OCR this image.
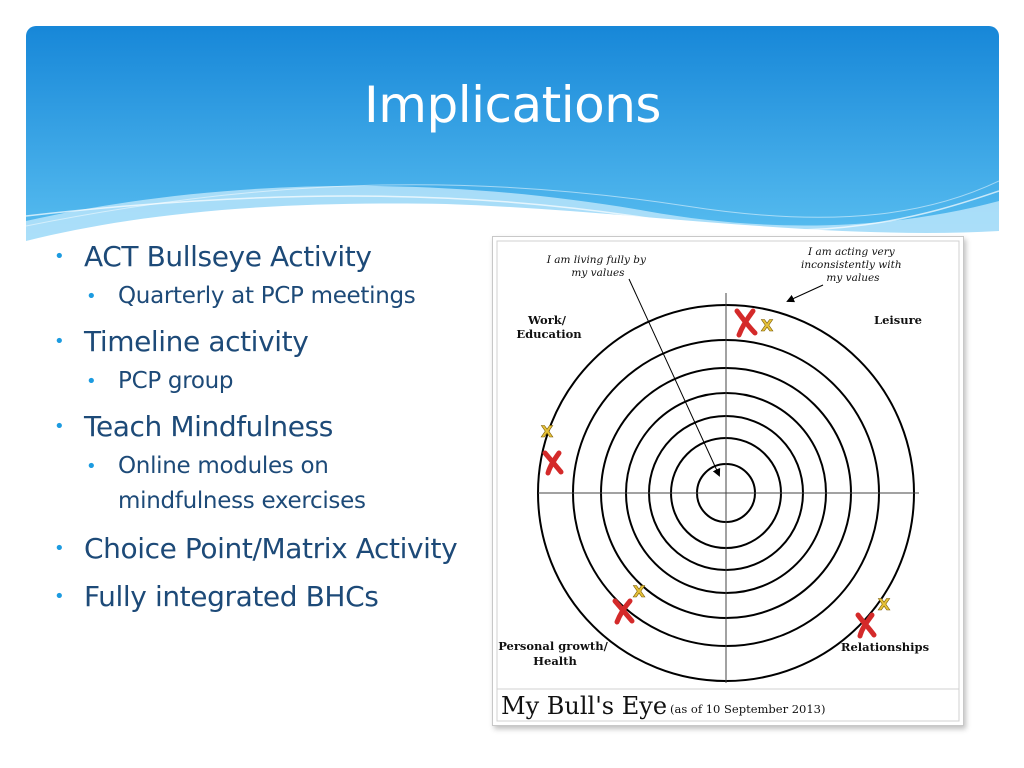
Implications
• ACT Bullseye Activity
• Quarterly at PCP meetings
• Timeline activity
• PCP group
• Teach Mindfulness
• Online modules on
mindfulness exercises
• Choice Point/Matrix Activity
• Fully integrated BHCs
I am living fully by my values
I am acting very inconsistently with my values
Work/ Education
Leisure
Personal growth/ Health
Relationships
X
X
X
X
My Bull's Eye (as of 10 September 2013)
